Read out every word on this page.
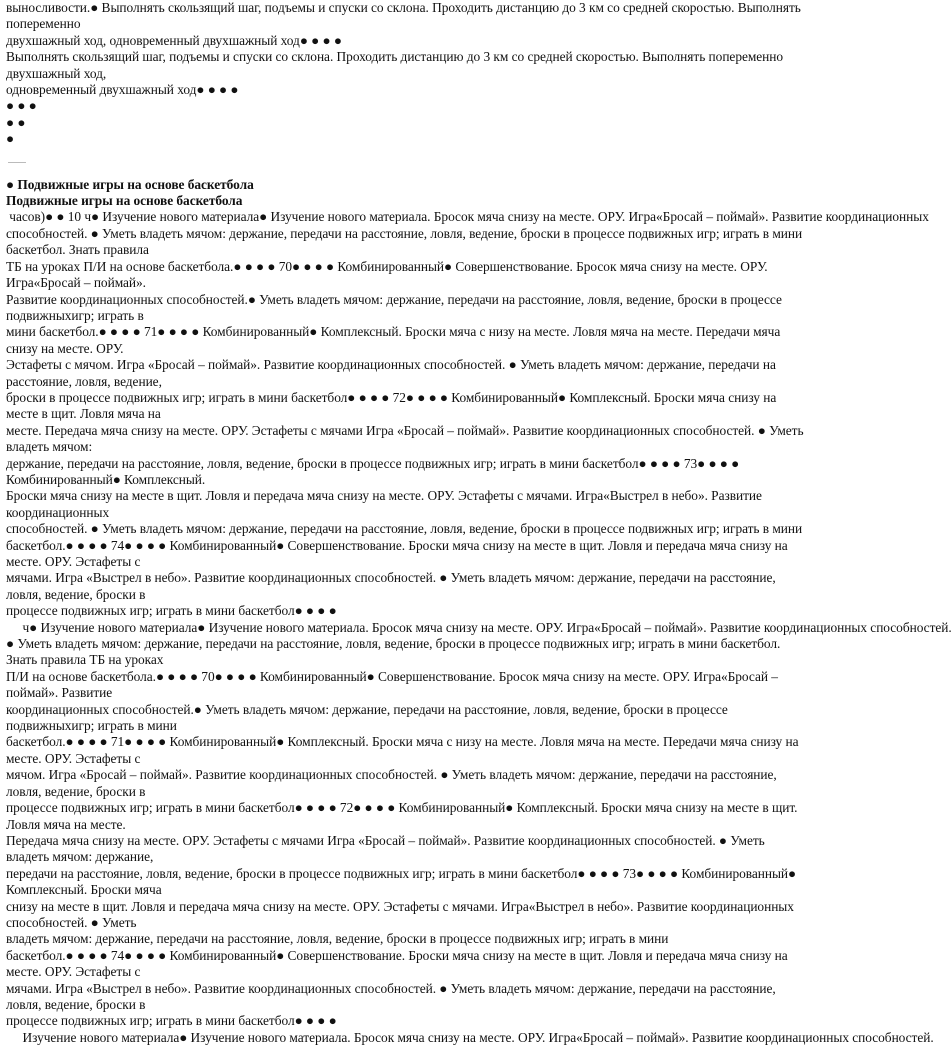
выносливости.● Выполнять скользящий шаг, подъемы и спуски со склона. Проходить дистанцию до 3 км со средней скоростью. Выполнять попеременно

двухшажный ход, одновременный двухшажный ход● ● ● ●

Выполнять скользящий шаг, подъемы и спуски со склона. Проходить дистанцию до 3 км со средней скоростью. Выполнять попеременно двухшажный ход,

одновременный двухшажный ход● ● ● ●

● ● ●

● ●

●

● Подвижные игры на основе баскетбола

Подвижные игры на основе баскетбола

часов)● ● 10 ч● Изучение нового материала● Изучение нового материала. Бросок мяча снизу на месте. ОРУ. Игра«Бросай – поймай». Развитие координационных

способностей. ● Уметь владеть мячом: держание, передачи на расстояние, ловля, ведение, броски в процессе подвижных игр; играть в мини баскетбол. Знать правила

ТБ на уроках П/И на основе баскетбола.● ● ● ● 70● ● ● ● Комбинированный● Совершенствование. Бросок мяча снизу на месте. ОРУ. Игра«Бросай – поймай».

Развитие координационных способностей.● Уметь владеть мячом: держание, передачи на расстояние, ловля, ведение, броски в процессе подвижныхигр; играть в

мини баскетбол.● ● ● ● 71● ● ● ● Комбинированный● Комплексный. Броски мяча с низу на месте. Ловля мяча на месте. Передачи мяча снизу на месте. ОРУ.

Эстафеты с мячом. Игра «Бросай – поймай». Развитие координационных способностей. ● Уметь владеть мячом: держание, передачи на расстояние, ловля, ведение,

броски в процессе подвижных игр; играть в мини баскетбол● ● ● ● 72● ● ● ● Комбинированный● Комплексный. Броски мяча снизу на месте в щит. Ловля мяча на

месте. Передача мяча снизу на месте. ОРУ. Эстафеты с мячами Игра «Бросай – поймай». Развитие координационных способностей. ● Уметь владеть мячом:

держание, передачи на расстояние, ловля, ведение, броски в процессе подвижных игр; играть в мини баскетбол● ● ● ● 73● ● ● ● Комбинированный● Комплексный.

Броски мяча снизу на месте в щит. Ловля и передача мяча снизу на месте. ОРУ. Эстафеты с мячами. Игра«Выстрел в небо». Развитие координационных

способностей. ● Уметь владеть мячом: держание, передачи на расстояние, ловля, ведение, броски в процессе подвижных игр; играть в мини

баскетбол.● ● ● ● 74● ● ● ● Комбинированный● Совершенствование. Броски мяча снизу на месте в щит. Ловля и передача мяча снизу на месте. ОРУ. Эстафеты с

мячами. Игра «Выстрел в небо». Развитие координационных способностей. ● Уметь владеть мячом: держание, передачи на расстояние, ловля, ведение, броски в

процессе подвижных игр; играть в мини баскетбол● ● ● ●

ч● Изучение нового материала● Изучение нового материала. Бросок мяча снизу на месте. ОРУ. Игра«Бросай – поймай». Развитие координационных способностей.

● Уметь владеть мячом: держание, передачи на расстояние, ловля, ведение, броски в процессе подвижных игр; играть в мини баскетбол. Знать правила ТБ на уроках

П/И на основе баскетбола.● ● ● ● 70● ● ● ● Комбинированный● Совершенствование. Бросок мяча снизу на месте. ОРУ. Игра«Бросай – поймай». Развитие

координационных способностей.● Уметь владеть мячом: держание, передачи на расстояние, ловля, ведение, броски в процессе подвижныхигр; играть в мини

баскетбол.● ● ● ● 71● ● ● ● Комбинированный● Комплексный. Броски мяча с низу на месте. Ловля мяча на месте. Передачи мяча снизу на месте. ОРУ. Эстафеты с

мячом. Игра «Бросай – поймай». Развитие координационных способностей. ● Уметь владеть мячом: держание, передачи на расстояние, ловля, ведение, броски в

процессе подвижных игр; играть в мини баскетбол● ● ● ● 72● ● ● ● Комбинированный● Комплексный. Броски мяча снизу на месте в щит. Ловля мяча на месте.

Передача мяча снизу на месте. ОРУ. Эстафеты с мячами Игра «Бросай – поймай». Развитие координационных способностей. ● Уметь владеть мячом: держание,

передачи на расстояние, ловля, ведение, броски в процессе подвижных игр; играть в мини баскетбол● ● ● ● 73● ● ● ● Комбинированный● Комплексный. Броски мяча

снизу на месте в щит. Ловля и передача мяча снизу на месте. ОРУ. Эстафеты с мячами. Игра«Выстрел в небо». Развитие координационных способностей. ● Уметь

владеть мячом: держание, передачи на расстояние, ловля, ведение, броски в процессе подвижных игр; играть в мини

баскетбол.● ● ● ● 74● ● ● ● Комбинированный● Совершенствование. Броски мяча снизу на месте в щит. Ловля и передача мяча снизу на месте. ОРУ. Эстафеты с

мячами. Игра «Выстрел в небо». Развитие координационных способностей. ● Уметь владеть мячом: держание, передачи на расстояние, ловля, ведение, броски в

процессе подвижных игр; играть в мини баскетбол● ● ● ●

Изучение нового материала● Изучение нового материала. Бросок мяча снизу на месте. ОРУ. Игра«Бросай – поймай». Развитие координационных способностей.
